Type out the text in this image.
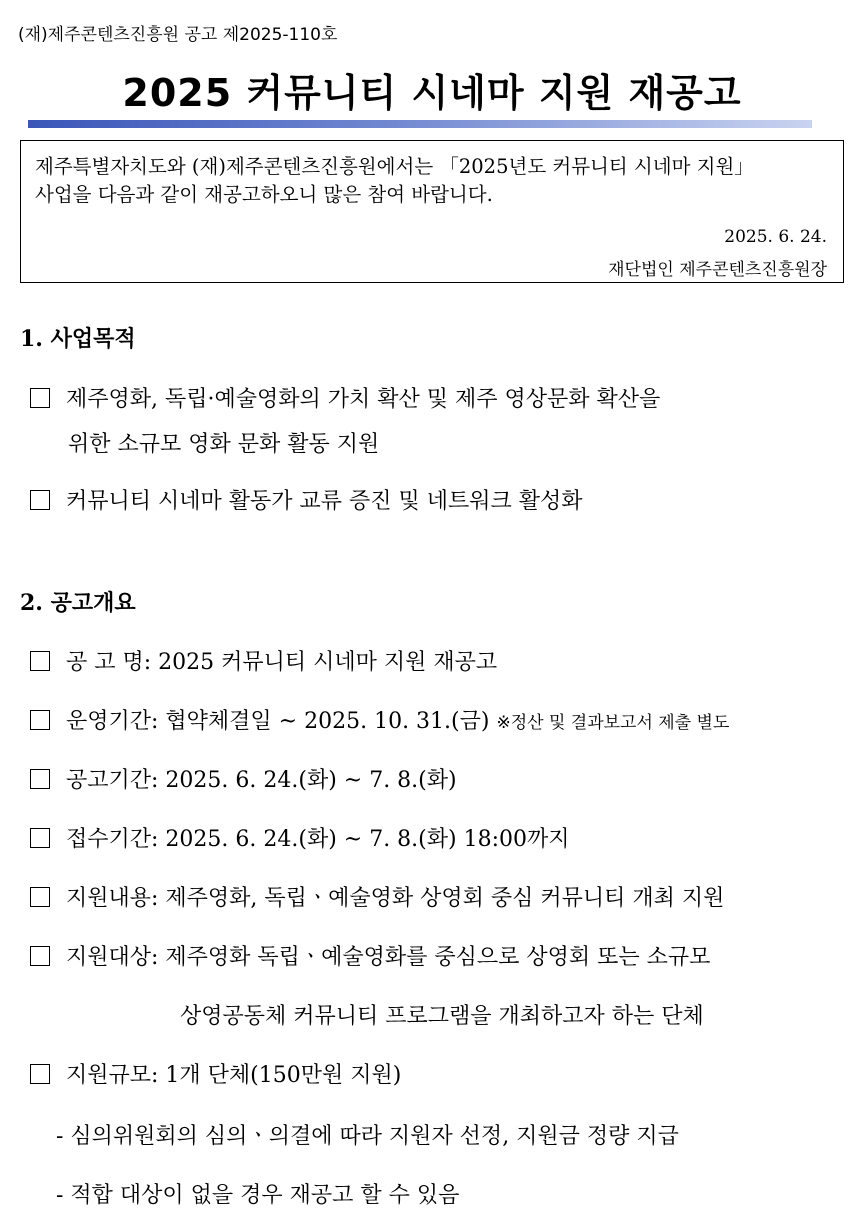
(재)제주콘텐츠진흥원 공고 제2025-110호
2025 커뮤니티 시네마 지원 재공고
제주특별자치도와 (재)제주콘텐츠진흥원에서는 「2025년도 커뮤니티 시네마 지원」
사업을 다음과 같이 재공고하오니 많은 참여 바랍니다.
2025. 6. 24.
재단법인 제주콘텐츠진흥원장
1. 사업목적
제주영화, 독립·예술영화의 가치 확산 및 제주 영상문화 확산을
위한 소규모 영화 문화 활동 지원
커뮤니티 시네마 활동가 교류 증진 및 네트워크 활성화
2. 공고개요
공 고 명: 2025 커뮤니티 시네마 지원 재공고
운영기간: 협약체결일 ~ 2025. 10. 31.(금) ※정산 및 결과보고서 제출 별도
공고기간: 2025. 6. 24.(화) ~ 7. 8.(화)
접수기간: 2025. 6. 24.(화) ~ 7. 8.(화) 18:00까지
지원내용: 제주영화, 독립ㆍ예술영화 상영회 중심 커뮤니티 개최 지원
지원대상: 제주영화 독립ㆍ예술영화를 중심으로 상영회 또는 소규모
상영공동체 커뮤니티 프로그램을 개최하고자 하는 단체
지원규모: 1개 단체(150만원 지원)
- 심의위원회의 심의ㆍ의결에 따라 지원자 선정, 지원금 정량 지급
- 적합 대상이 없을 경우 재공고 할 수 있음
